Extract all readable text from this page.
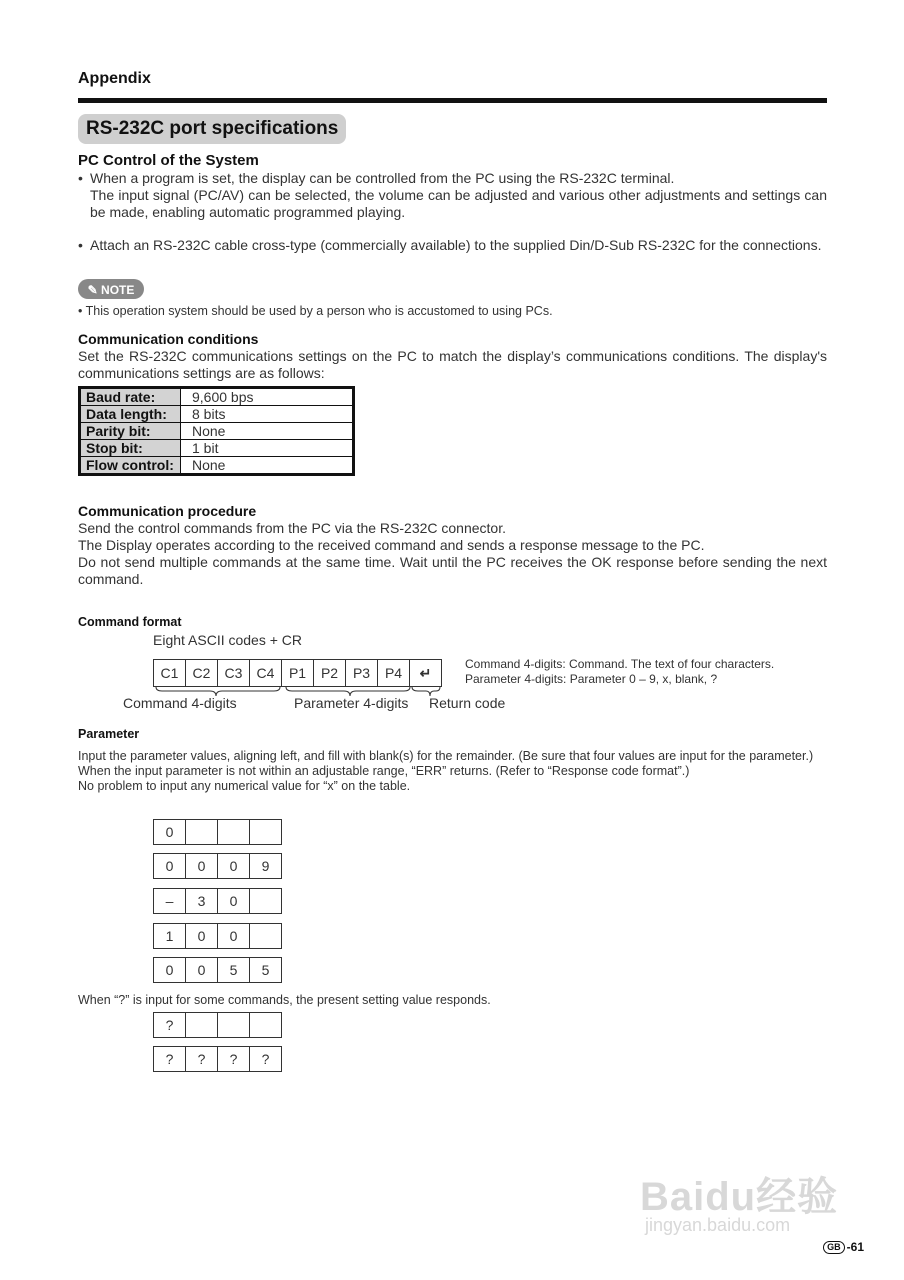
Appendix
RS-232C port specifications
PC Control of the System
• When a program is set, the display can be controlled from the PC using the RS-232C terminal.
The input signal (PC/AV) can be selected, the volume can be adjusted and various other adjustments and settings can be made, enabling automatic programmed playing.
• Attach an RS-232C cable cross-type (commercially available) to the supplied Din/D-Sub RS-232C for the connections.
✎ NOTE
• This operation system should be used by a person who is accustomed to using PCs.
Communication conditions
Set the RS-232C communications settings on the PC to match the display’s communications conditions. The display's communications settings are as follows:
Baud rate:	9,600 bps
Data length:	8 bits
Parity bit:	None
Stop bit:	1 bit
Flow control:	None
Communication procedure
Send the control commands from the PC via the RS-232C connector.
The Display operates according to the received command and sends a response message to the PC.
Do not send multiple commands at the same time. Wait until the PC receives the OK response before sending the next command.
Command format
Eight ASCII codes + CR
C1	C2	C3	C4	P1	P2	P3	P4	↵
Command 4-digits	Parameter 4-digits Return code
Command 4-digits: Command. The text of four characters.
Parameter 4-digits: Parameter 0 – 9, x, blank, ?
Parameter
Input the parameter values, aligning left, and fill with blank(s) for the remainder. (Be sure that four values are input for the parameter.)
When the input parameter is not within an adjustable range, “ERR” returns. (Refer to “Response code format”.)
No problem to input any numerical value for “x” on the table.
0
0	0	0	9
–	3	0
1	0	0
0	0	5	5
When “?” is input for some commands, the present setting value responds.
?
?	?	?	?
Baidu经验
jingyan.baidu.com
GB -61
